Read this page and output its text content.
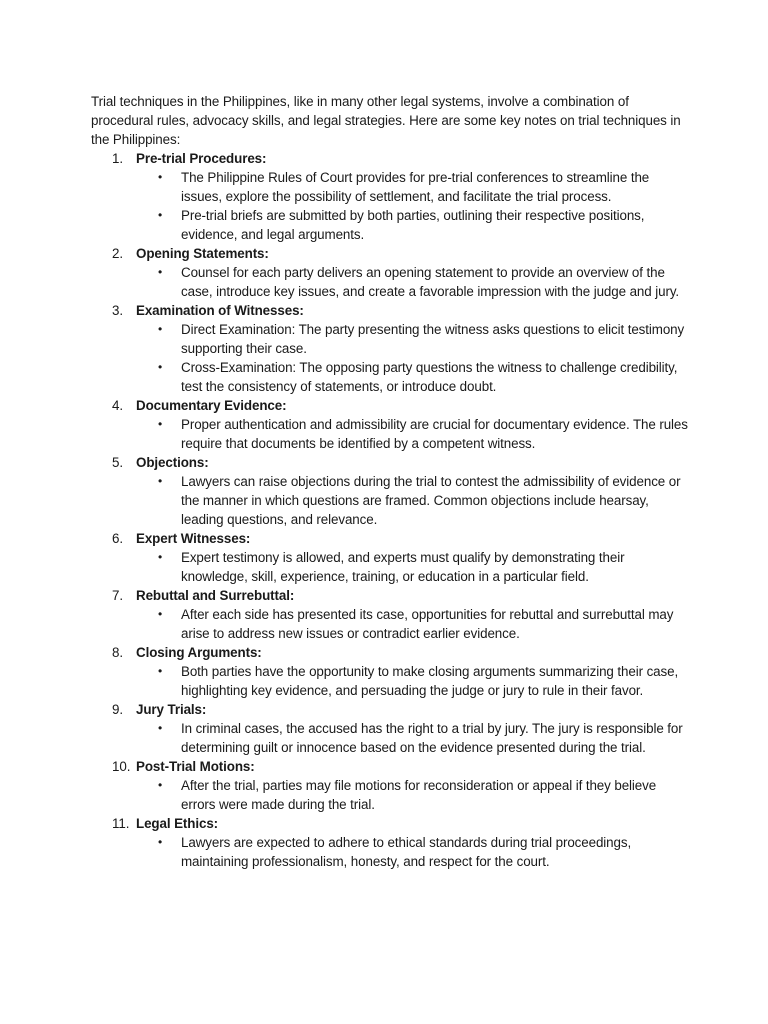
Trial techniques in the Philippines, like in many other legal systems, involve a combination of procedural rules, advocacy skills, and legal strategies. Here are some key notes on trial techniques in the Philippines:

1. Pre-trial Procedures:
• The Philippine Rules of Court provides for pre-trial conferences to streamline the issues, explore the possibility of settlement, and facilitate the trial process.
• Pre-trial briefs are submitted by both parties, outlining their respective positions, evidence, and legal arguments.
2. Opening Statements:
• Counsel for each party delivers an opening statement to provide an overview of the case, introduce key issues, and create a favorable impression with the judge and jury.
3. Examination of Witnesses:
• Direct Examination: The party presenting the witness asks questions to elicit testimony supporting their case.
• Cross-Examination: The opposing party questions the witness to challenge credibility, test the consistency of statements, or introduce doubt.
4. Documentary Evidence:
• Proper authentication and admissibility are crucial for documentary evidence. The rules require that documents be identified by a competent witness.
5. Objections:
• Lawyers can raise objections during the trial to contest the admissibility of evidence or the manner in which questions are framed. Common objections include hearsay, leading questions, and relevance.
6. Expert Witnesses:
• Expert testimony is allowed, and experts must qualify by demonstrating their knowledge, skill, experience, training, or education in a particular field.
7. Rebuttal and Surrebuttal:
• After each side has presented its case, opportunities for rebuttal and surrebuttal may arise to address new issues or contradict earlier evidence.
8. Closing Arguments:
• Both parties have the opportunity to make closing arguments summarizing their case, highlighting key evidence, and persuading the judge or jury to rule in their favor.
9. Jury Trials:
• In criminal cases, the accused has the right to a trial by jury. The jury is responsible for determining guilt or innocence based on the evidence presented during the trial.
10. Post-Trial Motions:
• After the trial, parties may file motions for reconsideration or appeal if they believe errors were made during the trial.
11. Legal Ethics:
• Lawyers are expected to adhere to ethical standards during trial proceedings, maintaining professionalism, honesty, and respect for the court.
